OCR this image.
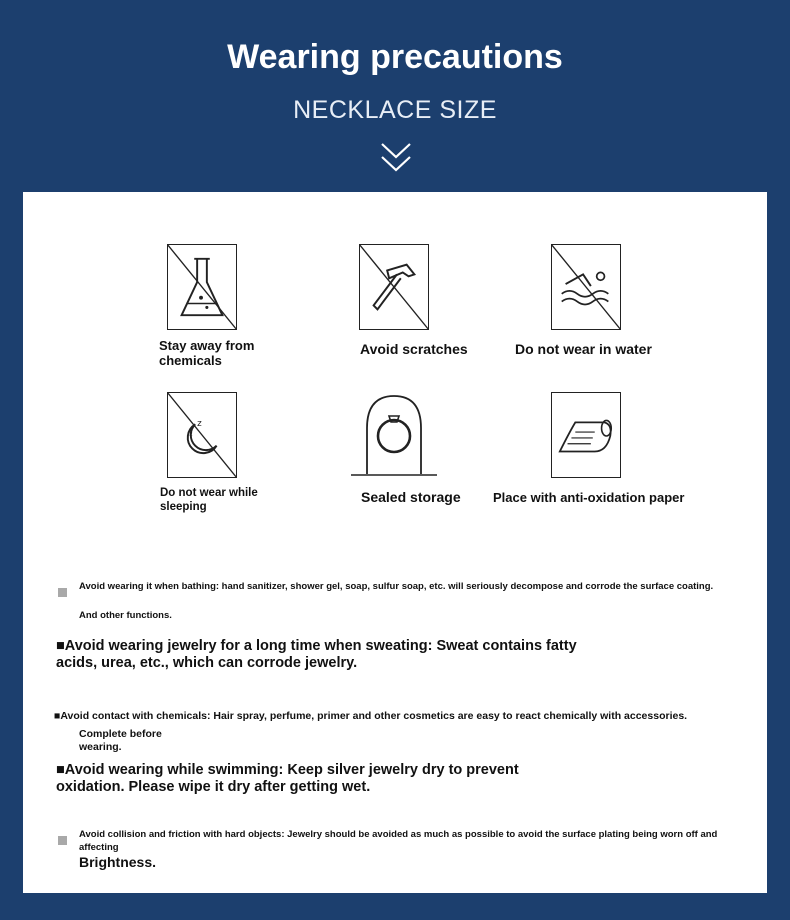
Wearing precautions
NECKLACE SIZE
Stay away from chemicals
Avoid scratches	Do not wear in water
z
z
Do not wear while sleeping
Sealed storage	Place with anti-oxidation paper
Avoid wearing it when bathing: hand sanitizer, shower gel, soap, sulfur soap, etc. will seriously decompose and corrode the surface coating.
And other functions.
■Avoid wearing jewelry for a long time when sweating: Sweat contains fatty acids, urea, etc., which can corrode jewelry.
■Avoid contact with chemicals: Hair spray, perfume, primer and other cosmetics are easy to react chemically with accessories.
Complete before wearing.
■Avoid wearing while swimming: Keep silver jewelry dry to prevent oxidation. Please wipe it dry after getting wet.
Avoid collision and friction with hard objects: Jewelry should be avoided as much as possible to avoid the surface plating being worn off and affecting
Brightness.
